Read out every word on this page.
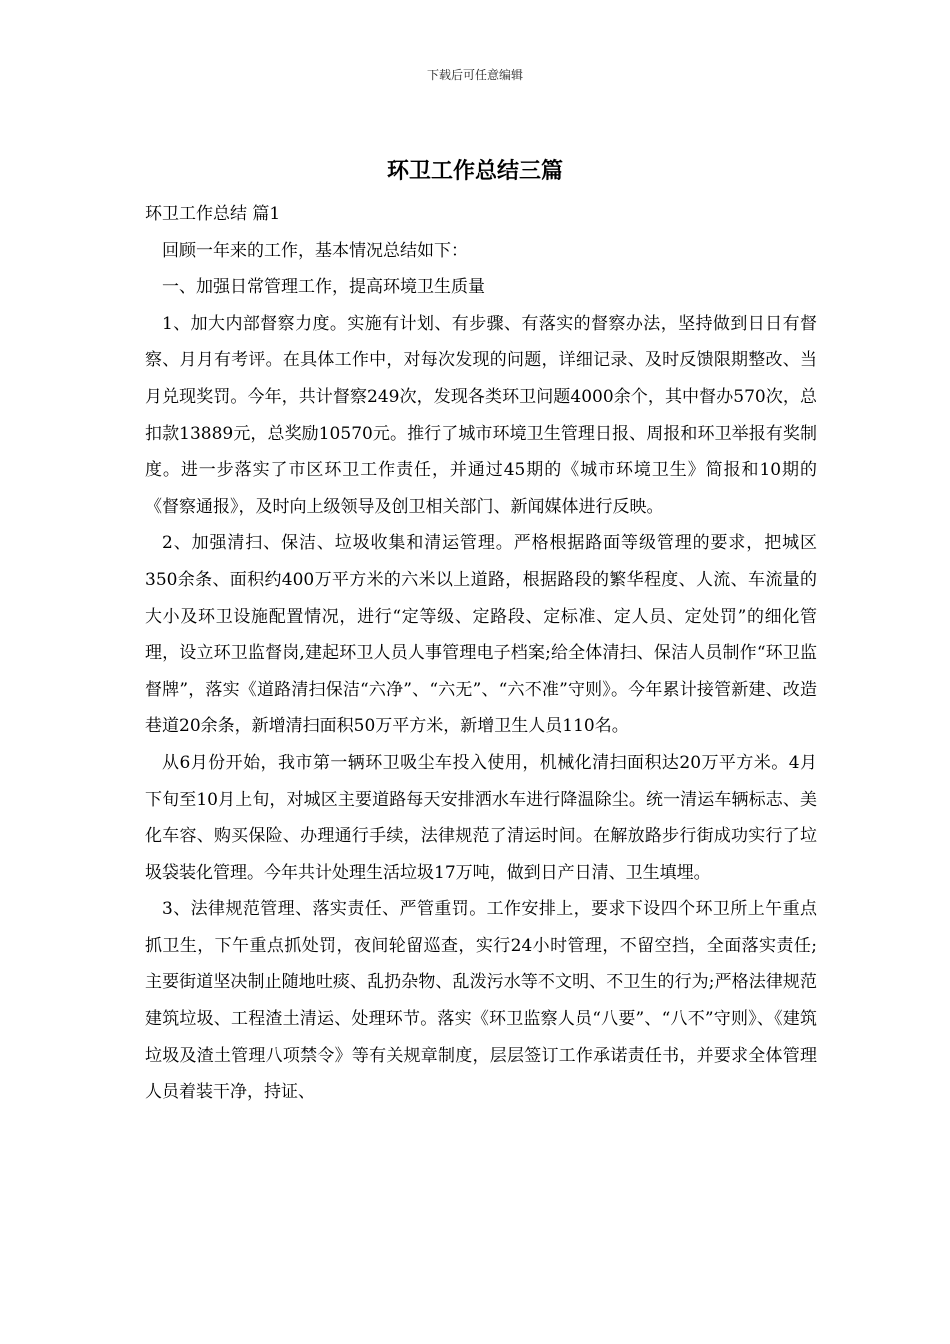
下载后可任意编辑
环卫工作总结三篇

环卫工作总结 篇1

回顾一年来的工作，基本情况总结如下：

一、加强日常管理工作，提高环境卫生质量

1、加大内部督察力度。实施有计划、有步骤、有落实的督察办法，坚持做到日日有督察、月月有考评。在具体工作中，对每次发现的问题，详细记录、及时反馈限期整改、当月兑现奖罚。今年，共计督察249次，发现各类环卫问题4000余个，其中督办570次，总扣款13889元，总奖励10570元。推行了城市环境卫生管理日报、周报和环卫举报有奖制度。进一步落实了市区环卫工作责任，并通过45期的《城市环境卫生》简报和10期的《督察通报》，及时向上级领导及创卫相关部门、新闻媒体进行反映。

2、加强清扫、保洁、垃圾收集和清运管理。严格根据路面等级管理的要求，把城区350余条、面积约400万平方米的六米以上道路，根据路段的繁华程度、人流、车流量的大小及环卫设施配置情况，进行“定等级、定路段、定标准、定人员、定处罚”的细化管理，设立环卫监督岗,建起环卫人员人事管理电子档案;给全体清扫、保洁人员制作“环卫监督牌”，落实《道路清扫保洁“六净”、“六无”、“六不准”守则》。今年累计接管新建、改造巷道20余条，新增清扫面积50万平方米，新增卫生人员110名。

从6月份开始，我市第一辆环卫吸尘车投入使用，机械化清扫面积达20万平方米。4月下旬至10月上旬，对城区主要道路每天安排洒水车进行降温除尘。统一清运车辆标志、美化车容、购买保险、办理通行手续，法律规范了清运时间。在解放路步行街成功实行了垃圾袋装化管理。今年共计处理生活垃圾17万吨，做到日产日清、卫生填埋。

3、法律规范管理、落实责任、严管重罚。工作安排上，要求下设四个环卫所上午重点抓卫生，下午重点抓处罚，夜间轮留巡查，实行24小时管理，不留空挡，全面落实责任;主要街道坚决制止随地吐痰、乱扔杂物、乱泼污水等不文明、不卫生的行为;严格法律规范建筑垃圾、工程渣土清运、处理环节。落实《环卫监察人员“八要”、“八不”守则》、《建筑垃圾及渣土管理八项禁令》等有关规章制度，层层签订工作承诺责任书，并要求全体管理人员着装干净，持证、
